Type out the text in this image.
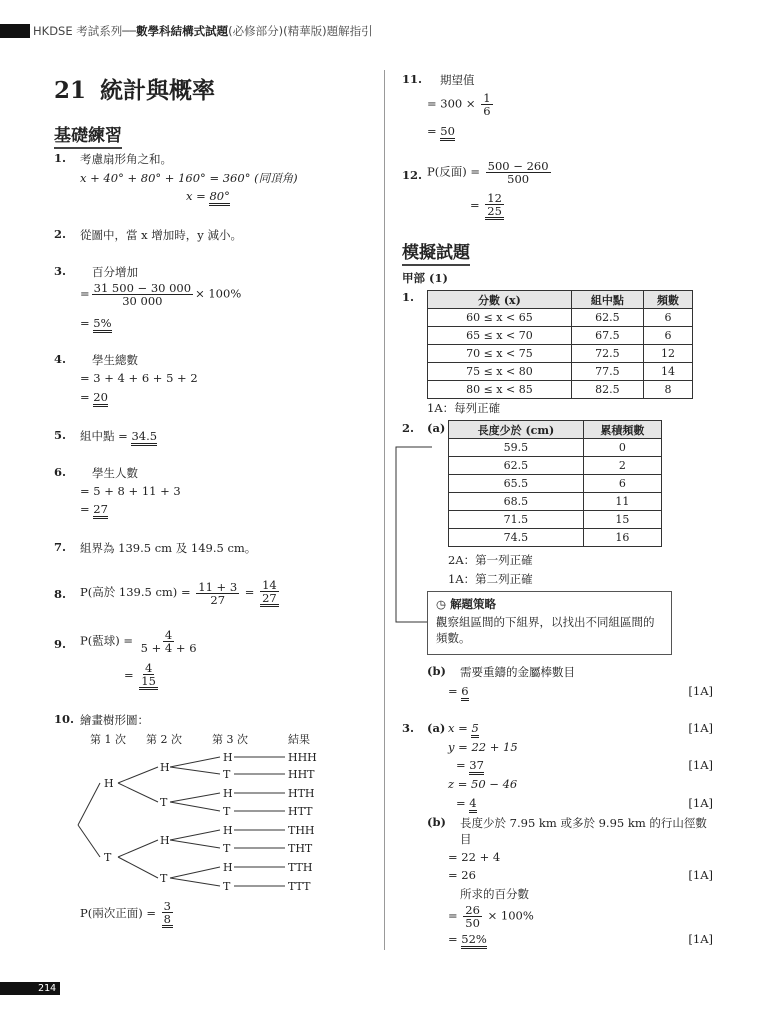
HKDSE 考試系列──數學科結構式試題(必修部分)(精華版)題解指引
21 統計與概率
基礎練習
1. 考慮扇形角之和。
x + 40° + 80° + 160° = 360° (同頂角)
x = 80°
2. 從圖中，當 x 增加時，y 減小。
3. 百分增加
= $\frac{31 500 - 30 000}{30 000} \times 100\%$
= 5%
4. 學生總數
= 3 + 4 + 6 + 5 + 2
= 20
5. 組中點 = 34.5
6. 學生人數
= 5 + 8 + 11 + 3
= 27
7. 組界為 139.5 cm 及 149.5 cm。
8. P(高於 139.5 $cm) = \frac{11 + 3}{27} = \frac{14}{27}$
9. P(藍球) = $\frac{4}{5 + 4 + 6}$
= $\frac{4}{15}$
10. 繪畫樹形圖：
第 1 次 第 2 次	第 3 次	結果
H
T
H
T
H
T
H
T
H
T
H
T
H
T
HHH
HHT
HTH
HTT
THH
THT
TTH
TTT
P(兩次正面) = $\frac{3}{8}$
11. 期望值
= $300 \times \frac{1}{6}$
= 50
12. P(反面) = $\frac{500 - 260}{500}$
= $\frac{12}{25}$
模擬試題
甲部 (1)
1.	分數 (x)	組中點	頻數
60 ≤ x < 65	62.5	6
65 ≤ x < 70	67.5	6
70 ≤ x < 75	72.5	12
75 ≤ x < 80	77.5	14
80 ≤ x < 85	82.5	8
1A：每列正確
2. (a)	長度少於 (cm)	累積頻數
59.5	0
62.5	2
65.5	6
68.5	11
71.5	15
74.5	16
2A：第一列正確
1A：第二列正確
◷ 解題策略
觀察組區間的下組界，以找出不同組區間的頻數。
(b) 需要重鑄的金屬棒數目
= 6	[1A]
3. (a) x = 5	[1A]
y = 22 + 15
= 37	[1A]
z = 50 − 46
= 4	[1A]
(b) 長度少於 7.95 km 或多於 9.95 km 的行山徑數目
= 22 + 4
= 26	[1A]
所求的百分數
= $\frac{26}{50} \times 100\%$
= 52%	[1A]
214
